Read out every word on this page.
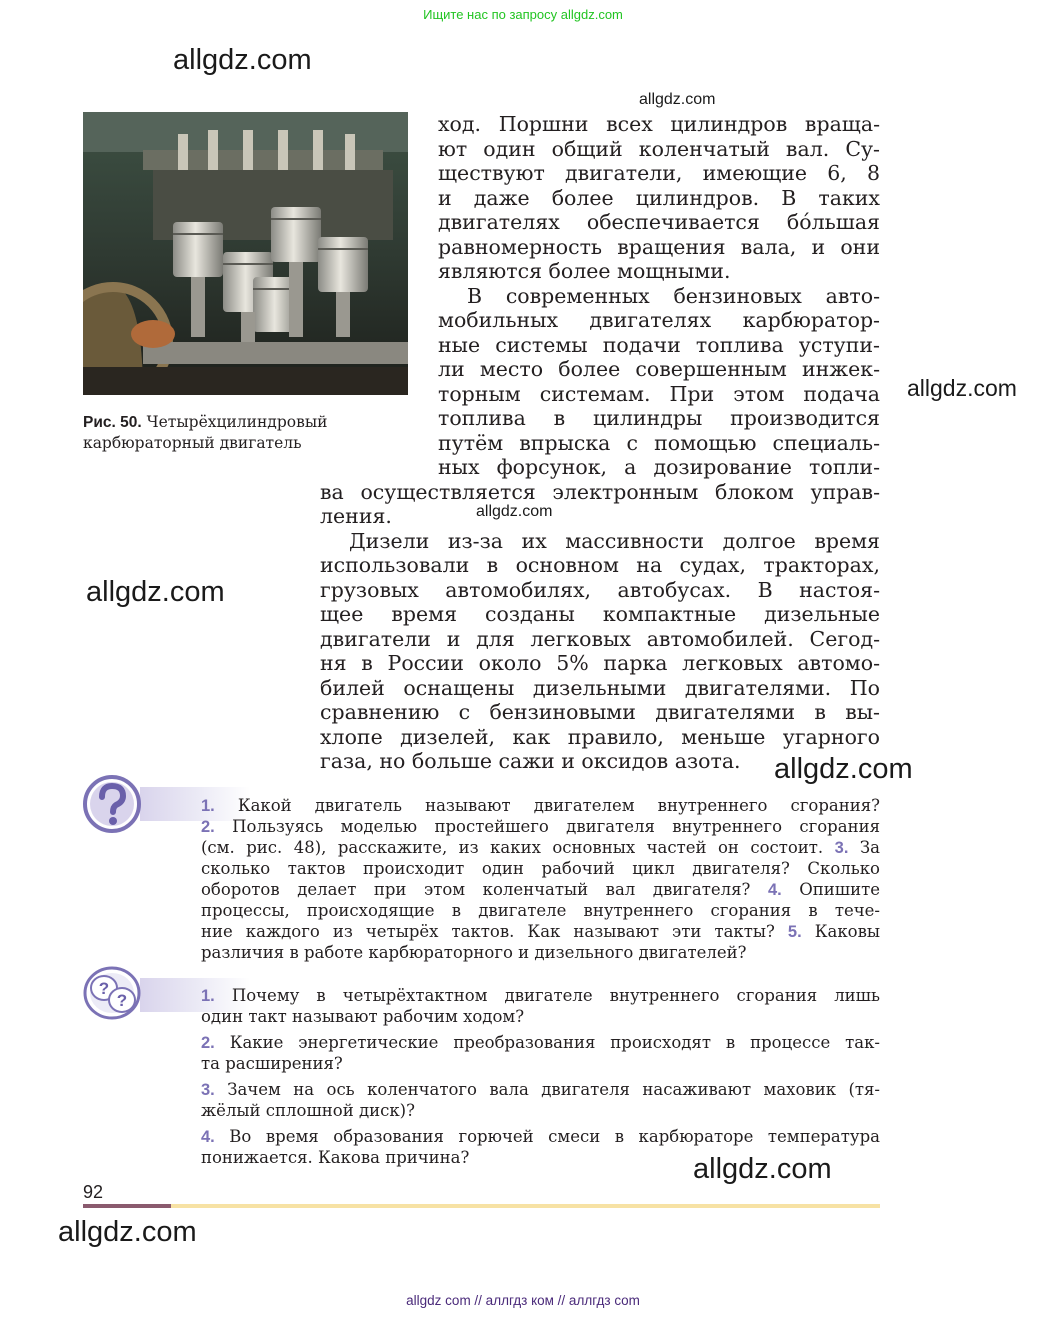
Ищите нас по запросу allgdz.com
allgdz.com
allgdz.com
allgdz.com
allgdz.com
allgdz.com
allgdz.com
allgdz.com
allgdz.com
Рис. 50. Четырёхцилиндровый
карбюраторный двигатель
ход. Поршни всех цилиндров враща-
ют один общий коленчатый вал. Су-
ществуют двигатели, имеющие 6, 8
и даже более цилиндров. В таких
двигателях обеспечивается бóльшая
равномерность вращения вала, и они
являются более мощными.
В современных бензиновых авто-
мобильных двигателях карбюратор-
ные системы подачи топлива уступи-
ли место более совершенным инжек-
торным системам. При этом подача
топлива в цилиндры производится
путём впрыска с помощью специаль-
ных форсунок, а дозирование топли-
ва осуществляется электронным блоком управ-
ления.
Дизели из-за их массивности долгое время
использовали в основном на судах, тракторах,
грузовых автомобилях, автобусах. В настоя-
щее время созданы компактные дизельные
двигатели и для легковых автомобилей. Сегод-
ня в России около 5% парка легковых автомо-
билей оснащены дизельными двигателями. По
сравнению с бензиновыми двигателями в вы-
хлопе дизелей, как правило, меньше угарного
газа, но больше сажи и оксидов азота.
1. Какой двигатель называют двигателем внутреннего сгорания?
2. Пользуясь моделью простейшего двигателя внутреннего сгорания
(см. рис. 48), расскажите, из каких основных частей он состоит. 3. За
сколько тактов происходит один рабочий цикл двигателя? Сколько
оборотов делает при этом коленчатый вал двигателя? 4. Опишите
процессы, происходящие в двигателе внутреннего сгорания в тече-
ние каждого из четырёх тактов. Как называют эти такты? 5. Каковы
различия в работе карбюраторного и дизельного двигателей?
?
?	1. Почему в четырёхтактном двигателе внутреннего сгорания лишь
один такт называют рабочим ходом?
2. Какие энергетические преобразования происходят в процессе так-
та расширения?
3. Зачем на ось коленчатого вала двигателя насаживают маховик (тя-
жёлый сплошной диск)?
4. Во время образования горючей смеси в карбюраторе температура
понижается. Какова причина?
92
allgdz com // аллгдз ком // аллгдз com
